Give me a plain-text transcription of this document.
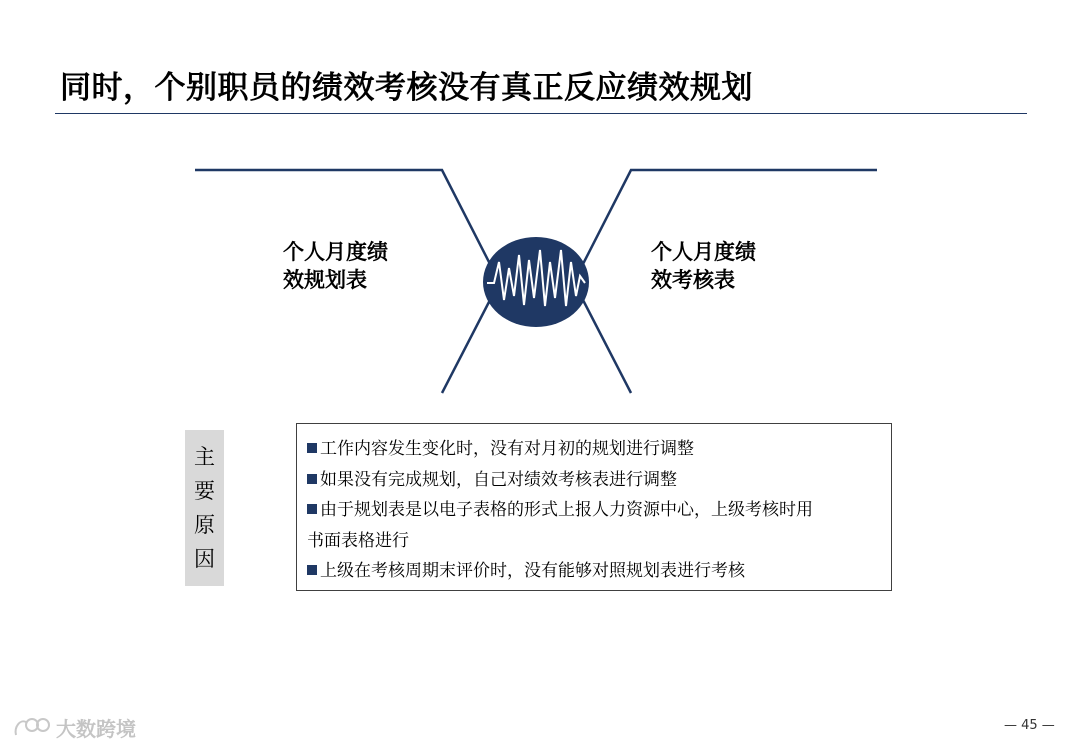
同时，个别职员的绩效考核没有真正反应绩效规划
个人月度绩
效规划表
个人月度绩
效考核表
主
要
原
因
工作内容发生变化时，没有对月初的规划进行调整
如果没有完成规划，自己对绩效考核表进行调整
由于规划表是以电子表格的形式上报人力资源中心，上级考核时用
书面表格进行
上级在考核周期末评价时，没有能够对照规划表进行考核
大数跨境	— 45 —
